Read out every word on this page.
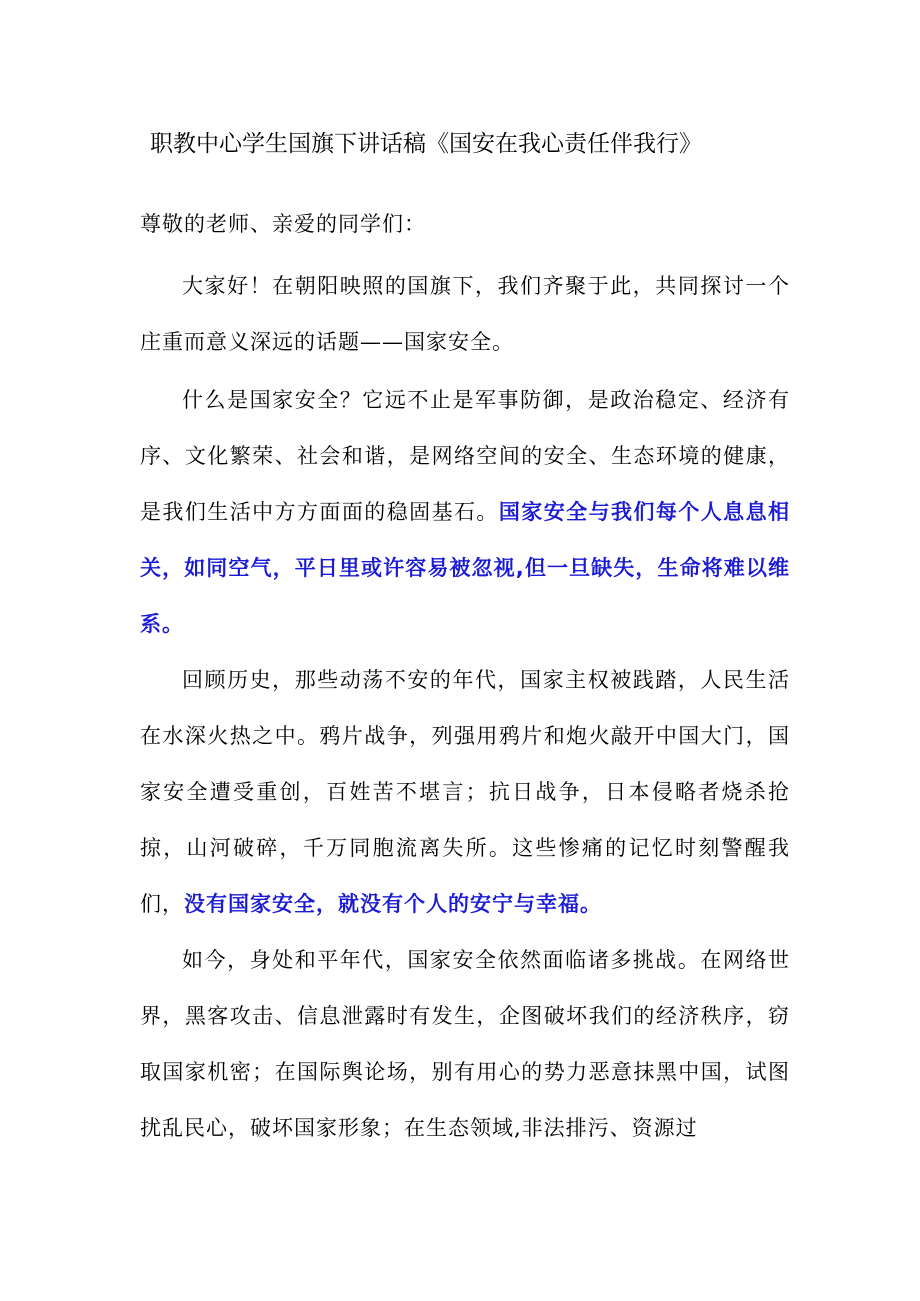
职教中心学生国旗下讲话稿《国安在我心责任伴我行》
尊敬的老师、亲爱的同学们：

大家好！在朝阳映照的国旗下，我们齐聚于此，共同探讨一个庄重而意义深远的话题——国家安全。

什么是国家安全？它远不止是军事防御，是政治稳定、经济有序、文化繁荣、社会和谐，是网络空间的安全、生态环境的健康，是我们生活中方方面面的稳固基石。国家安全与我们每个人息息相关，如同空气，平日里或许容易被忽视,但一旦缺失，生命将难以维系。

回顾历史，那些动荡不安的年代，国家主权被践踏，人民生活在水深火热之中。鸦片战争，列强用鸦片和炮火敲开中国大门，国家安全遭受重创，百姓苦不堪言；抗日战争，日本侵略者烧杀抢掠，山河破碎，千万同胞流离失所。这些惨痛的记忆时刻警醒我们，没有国家安全，就没有个人的安宁与幸福。

如今，身处和平年代，国家安全依然面临诸多挑战。在网络世界，黑客攻击、信息泄露时有发生，企图破坏我们的经济秩序，窃取国家机密；在国际舆论场，别有用心的势力恶意抹黑中国，试图扰乱民心，破坏国家形象；在生态领域,非法排污、资源过
